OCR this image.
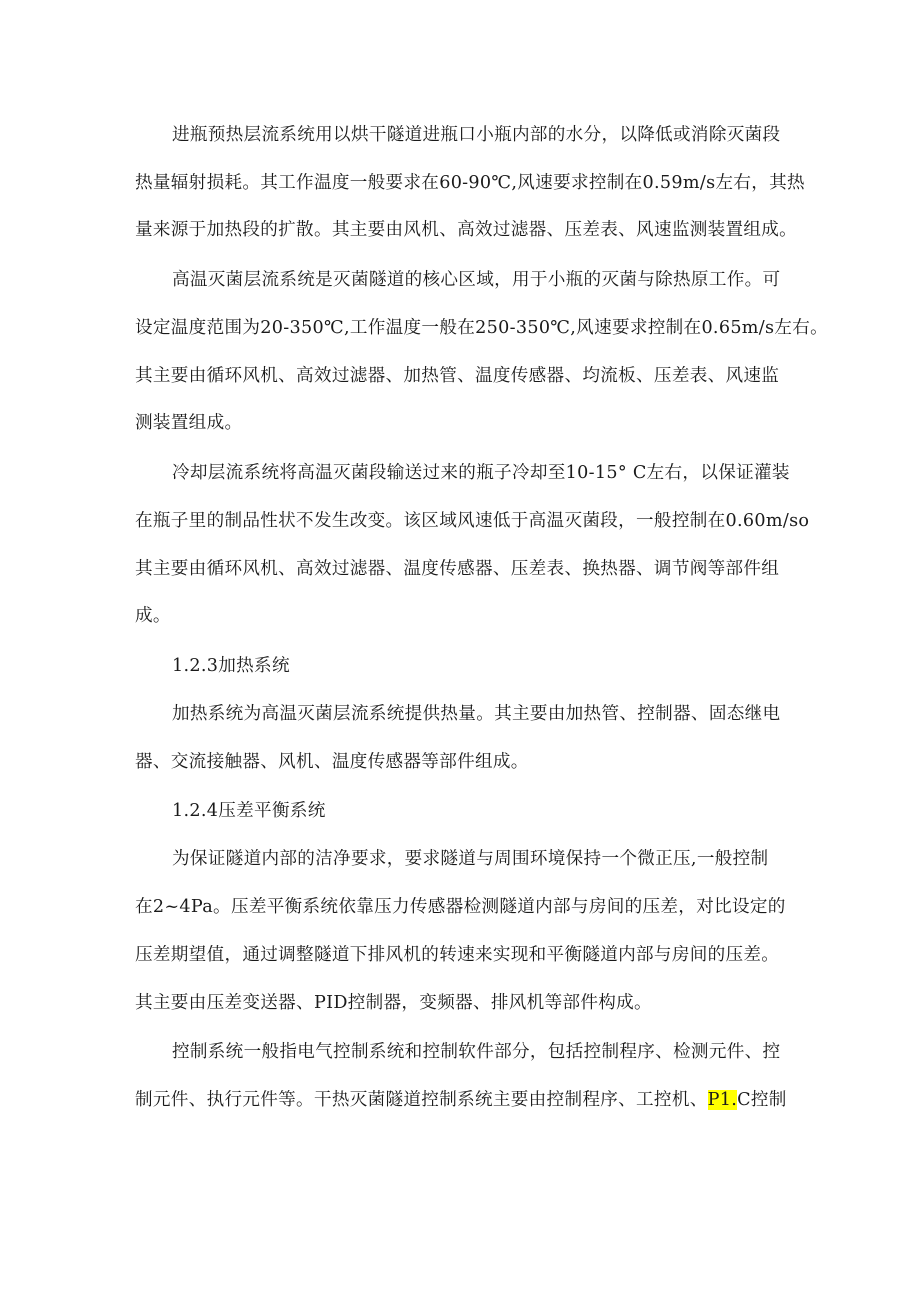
进瓶预热层流系统用以烘干隧道进瓶口小瓶内部的水分，以降低或消除灭菌段
热量辐射损耗。其工作温度一般要求在60-90℃,风速要求控制在0.59m/s左右，其热
量来源于加热段的扩散。其主要由风机、高效过滤器、压差表、风速监测装置组成。
高温灭菌层流系统是灭菌隧道的核心区域，用于小瓶的灭菌与除热原工作。可
设定温度范围为20-350℃,工作温度一般在250-350℃,风速要求控制在0.65m/s左右。
其主要由循环风机、高效过滤器、加热管、温度传感器、均流板、压差表、风速监
测装置组成。
冷却层流系统将高温灭菌段输送过来的瓶子冷却至10-15° C左右，以保证灌装
在瓶子里的制品性状不发生改变。该区域风速低于高温灭菌段，一般控制在0.60m/so
其主要由循环风机、高效过滤器、温度传感器、压差表、换热器、调节阀等部件组
成。
1.2.3加热系统
加热系统为高温灭菌层流系统提供热量。其主要由加热管、控制器、固态继电
器、交流接触器、风机、温度传感器等部件组成。
1.2.4压差平衡系统
为保证隧道内部的洁净要求，要求隧道与周围环境保持一个微正压,一般控制
在2~4Pa。压差平衡系统依靠压力传感器检测隧道内部与房间的压差，对比设定的
压差期望值，通过调整隧道下排风机的转速来实现和平衡隧道内部与房间的压差。
其主要由压差变送器、PID控制器，变频器、排风机等部件构成。
控制系统一般指电气控制系统和控制软件部分，包括控制程序、检测元件、控
制元件、执行元件等。干热灭菌隧道控制系统主要由控制程序、工控机、P1.C控制
